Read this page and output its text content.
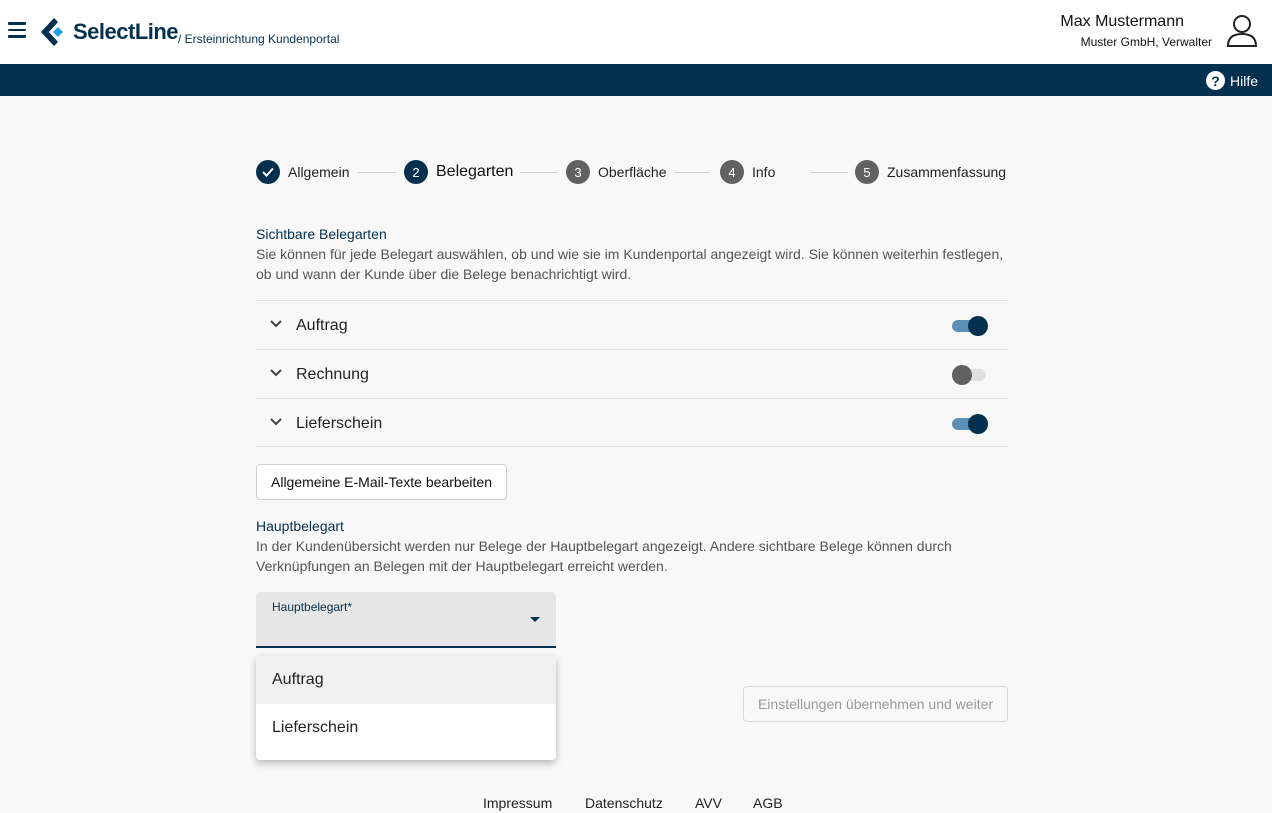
SelectLine / Ersteinrichtung Kundenportal
Max Mustermann
Muster GmbH, Verwalter
? Hilfe
Allgemein	2	Belegarten	3	Oberfläche	4	Info	5	Zusammenfassung
Sichtbare Belegarten
Sie können für jede Belegart auswählen, ob und wie sie im Kundenportal angezeigt wird. Sie können weiterhin festlegen, ob und wann der Kunde über die Belege benachrichtigt wird.
Auftrag
Rechnung
Lieferschein
Allgemeine E-Mail-Texte bearbeiten
Hauptbelegart
In der Kundenübersicht werden nur Belege der Hauptbelegart angezeigt. Andere sichtbare Belege können durch Verknüpfungen an Belegen mit der Hauptbelegart erreicht werden.
Hauptbelegart*
Einstellungen übernehmen und weiter
Auftrag
Lieferschein
Impressum Datenschutz AVV AGB
